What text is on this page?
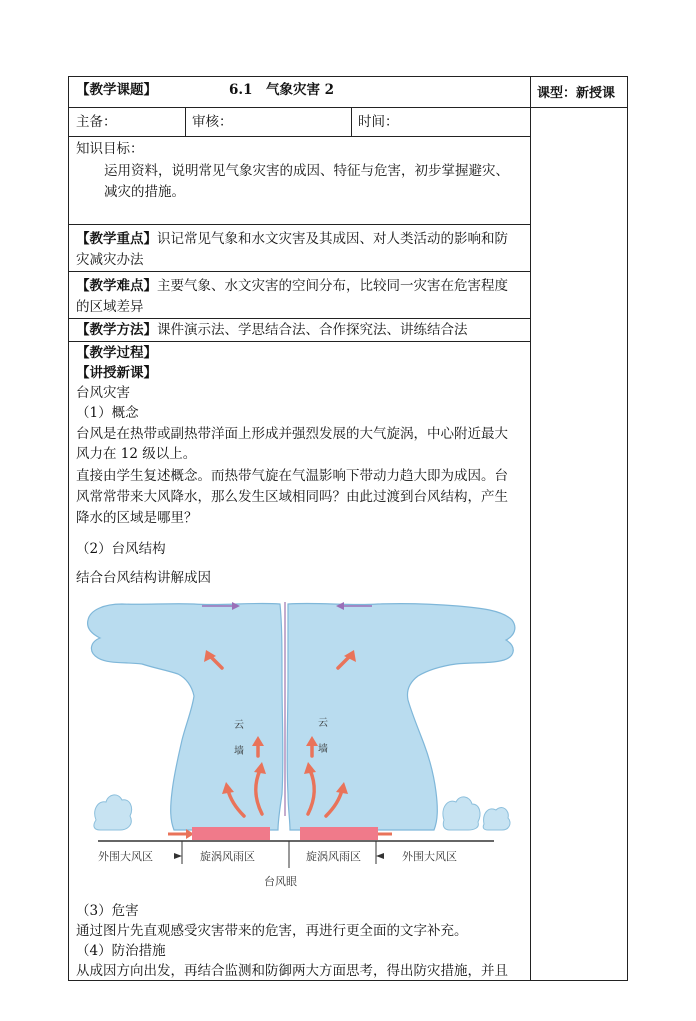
【教学课题】	6.1　气象灾害 2	课型：新授课
主备：	审核：	时间：
知识目标：
运用资料，说明常见气象灾害的成因、特征与危害，初步掌握避灾、
减灾的措施。
【教学重点】识记常见气象和水文灾害及其成因、对人类活动的影响和防
灾减灾办法
【教学难点】主要气象、水文灾害的空间分布，比较同一灾害在危害程度
的区域差异
【教学方法】课件演示法、学思结合法、合作探究法、讲练结合法
【教学过程】
【讲授新课】
台风灾害
（1）概念
台风是在热带或副热带洋面上形成并强烈发展的大气旋涡，中心附近最大
风力在 12 级以上。
直接由学生复述概念。而热带气旋在气温影响下带动力趋大即为成因。台
风常常带来大风降水，那么发生区域相同吗？由此过渡到台风结构，产生
降水的区域是哪里？
（2）台风结构
结合台风结构讲解成因
外围大风区	旋涡风雨区	旋涡风雨区	外围大风区
台风眼
云
墙
云
墙
（3）危害
通过图片先直观感受灾害带来的危害，再进行更全面的文字补充。
（4）防治措施
从成因方向出发，再结合监测和防御两大方面思考，得出防灾措施，并且
